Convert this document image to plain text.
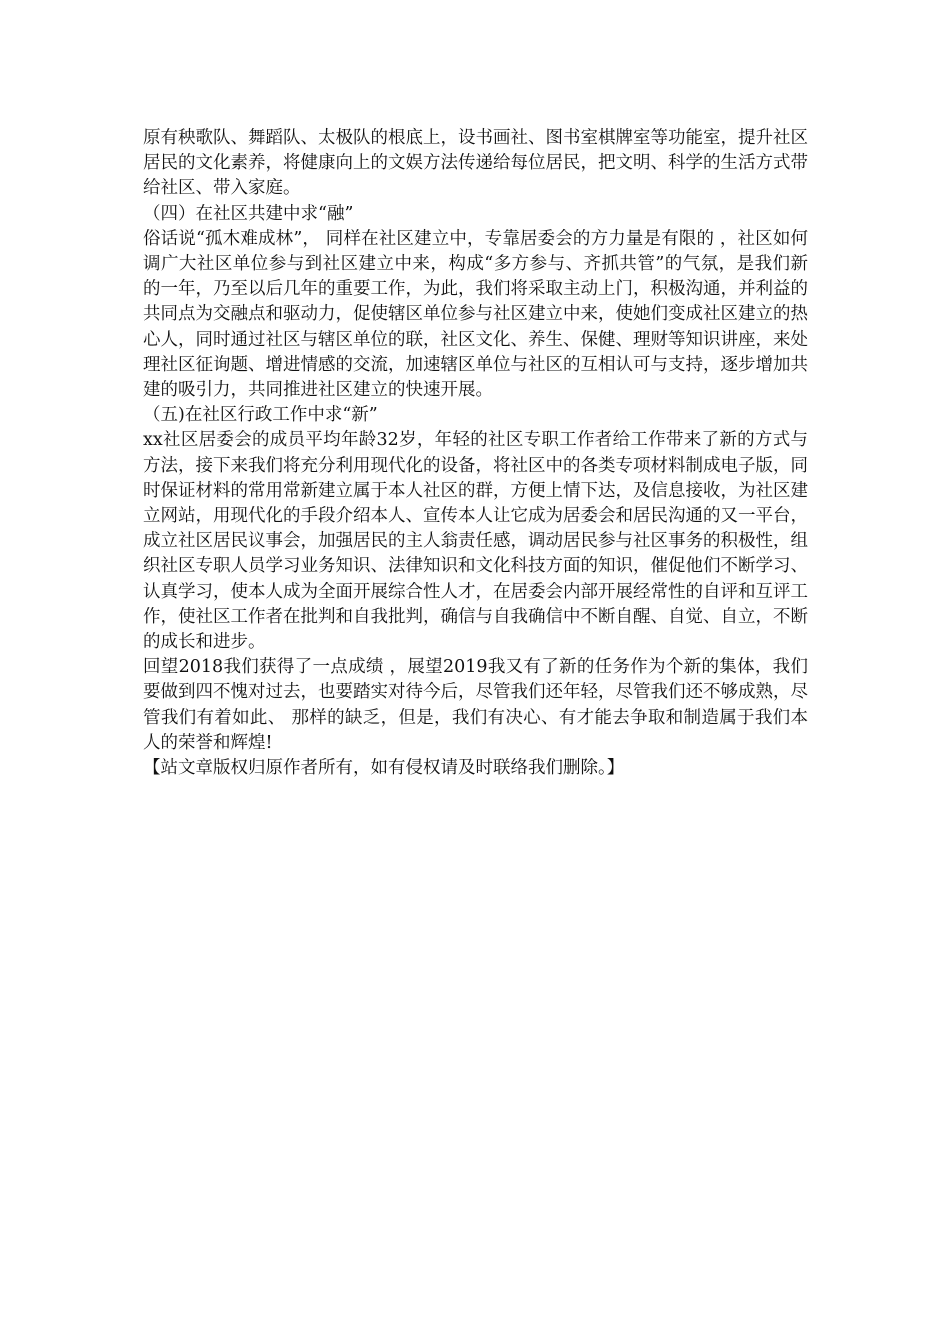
原有秧歌队、舞蹈队、太极队的根底上，设书画社、图书室棋牌室等功能室，提升社区居民的文化素养，将健康向上的文娱方法传递给每位居民，把文明、科学的生活方式带给社区、带入家庭。

（四）在社区共建中求“融”

俗话说“孤木难成林”， 同样在社区建立中，专靠居委会的方力量是有限的 ，社区如何调广大社区单位参与到社区建立中来，构成“多方参与、齐抓共管”的气氛，是我们新的一年，乃至以后几年的重要工作，为此，我们将采取主动上门，积极沟通，并利益的共同点为交融点和驱动力，促使辖区单位参与社区建立中来，使她们变成社区建立的热心人，同时通过社区与辖区单位的联，社区文化、养生、保健、理财等知识讲座，来处理社区征询题、增进情感的交流，加速辖区单位与社区的互相认可与支持，逐步增加共建的吸引力，共同推进社区建立的快速开展。

（五)在社区行政工作中求“新”

xx社区居委会的成员平均年龄32岁，年轻的社区专职工作者给工作带来了新的方式与方法，接下来我们将充分利用现代化的设备，将社区中的各类专项材料制成电子版，同时保证材料的常用常新建立属于本人社区的群，方便上情下达，及信息接收，为社区建立网站，用现代化的手段介绍本人、宣传本人让它成为居委会和居民沟通的又一平台，成立社区居民议事会，加强居民的主人翁责任感，调动居民参与社区事务的积极性，组织社区专职人员学习业务知识、法律知识和文化科技方面的知识，催促他们不断学习、认真学习，使本人成为全面开展综合性人才，在居委会内部开展经常性的自评和互评工作，使社区工作者在批判和自我批判，确信与自我确信中不断自醒、自觉、自立，不断的成长和进步。

回望2018我们获得了一点成绩 ，展望2019我又有了新的任务作为个新的集体，我们要做到四不愧对过去，也要踏实对待今后，尽管我们还年轻，尽管我们还不够成熟，尽管我们有着如此、 那样的缺乏，但是，我们有决心、有才能去争取和制造属于我们本人的荣誉和辉煌!

【站文章版权归原作者所有，如有侵权请及时联络我们删除。】
